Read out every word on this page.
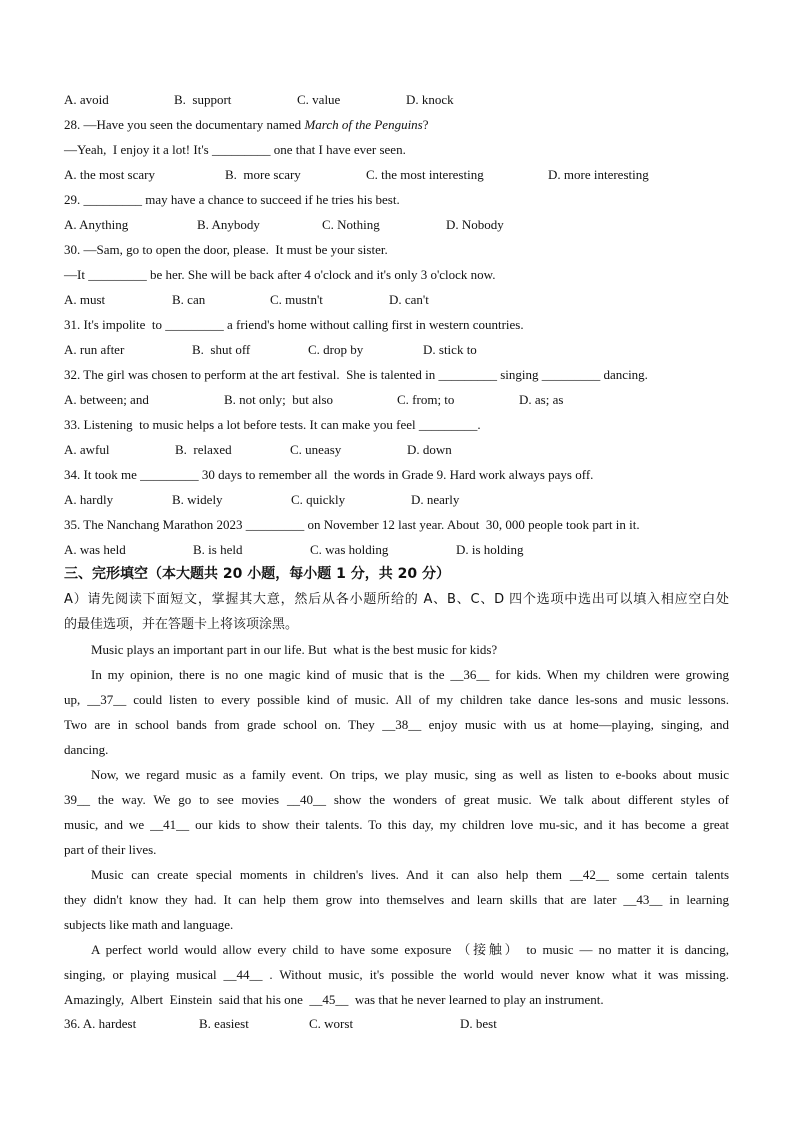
A. avoid	B.  support	C. value	D. knock
28. —Have you seen the documentary named March of the Penguins?
—Yeah,  I enjoy it a lot! It's _________ one that I have ever seen.
A. the most scary	B.  more scary	C. the most interesting	D. more interesting
29. _________ may have a chance to succeed if he tries his best.
A. Anything	B. Anybody	C. Nothing	D. Nobody
30. —Sam, go to open the door, please.  It must be your sister.
—It _________ be her. She will be back after 4 o'clock and it's only 3 o'clock now.
A. must	B. can	C. mustn't	D. can't
31. It's impolite  to _________ a friend's home without calling first in western countries.
A. run after	B.  shut off	C. drop by	D. stick to
32. The girl was chosen to perform at the art festival.  She is talented in _________ singing _________ dancing.
A. between; and	B. not only;  but also	C. from; to	D. as; as
33. Listening  to music helps a lot before tests. It can make you feel _________.
A. awful	B.  relaxed	C. uneasy	D. down
34. It took me _________ 30 days to remember all  the words in Grade 9. Hard work always pays off.
A. hardly	B. widely	C. quickly	D. nearly
35. The Nanchang Marathon 2023 _________ on November 12 last year. About  30, 000 people took part in it.
A. was held	B. is held	C. was holding	D. is holding
三、完形填空（本大题共 20 小题，每小题 1 分，共 20 分）
A）请先阅读下面短文，掌握其大意，然后从各小题所给的 A、B、C、D 四个选项中选出可以填入相应空白处
的最佳选项，并在答题卡上将该项涂黑。
Music plays an important part in our life. But  what is the best music for kids?
In my opinion, there is no one magic kind of music that is the __36__ for kids. When my children were growing
up, __37__ could listen to every possible kind of music. All of my children take dance les-sons and music lessons.
Two are in school bands from grade school on. They __38__ enjoy music with us at home—playing, singing, and
dancing.
Now, we regard music as a family event. On trips, we play music, sing as well as listen to e-books about music
39__ the way. We go to see movies __40__ show the wonders of great music. We talk about different styles of
music, and we __41__ our kids to show their talents. To this day, my children love mu-sic, and it has become a great
part of their lives.
Music can create special moments in children's lives. And it can also help them __42__ some certain talents
they didn't know they had. It can help them grow into themselves and learn skills that are later __43__ in learning
subjects like math and language.
A perfect world would allow every child to have some exposure （接触） to music — no matter it is dancing,
singing, or playing musical __44__ . Without music, it's possible the world would never know what it was missing.
Amazingly,  Albert  Einstein  said that his one  __45__  was that he never learned to play an instrument.
36. A. hardest	B. easiest	C. worst	D. best
